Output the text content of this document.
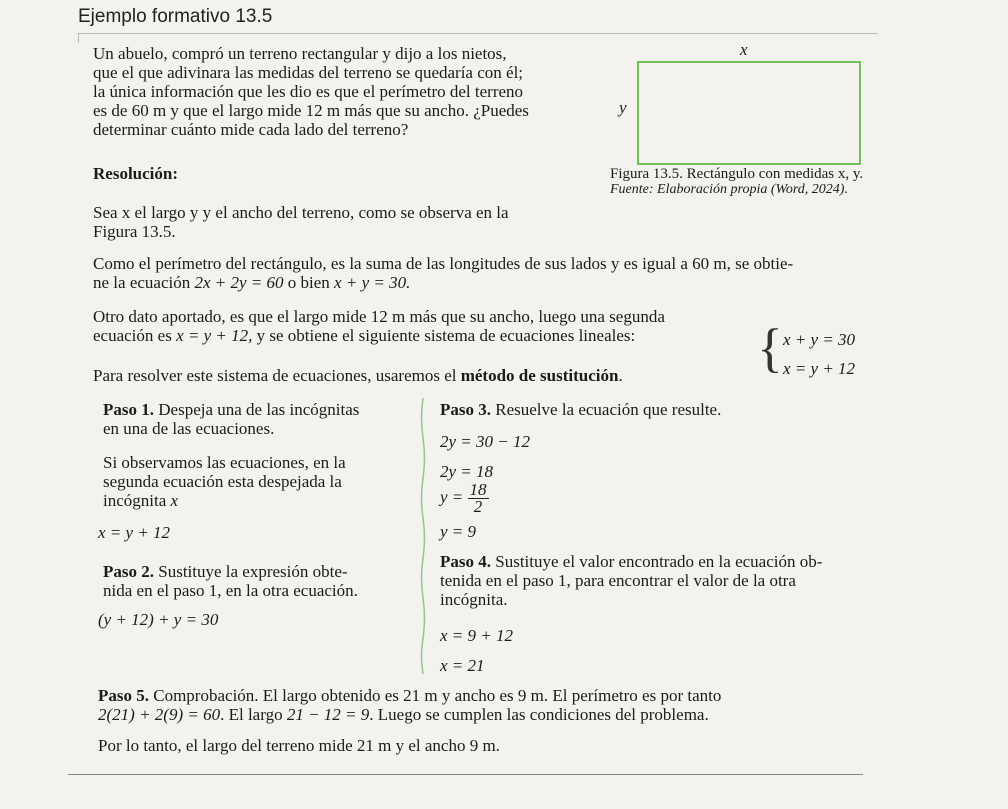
Ejemplo formativo 13.5

Un abuelo, compró un terreno rectangular y dijo a los nietos,

que el que adivinara las medidas del terreno se quedaría con él;

la única información que les dio es que el perímetro del terreno

es de 60 m y que el largo mide 12 m más que su ancho. ¿Puedes

determinar cuánto mide cada lado del terreno?

x
y
Figura 13.5. Rectángulo con medidas x, y.
Fuente: Elaboración propia (Word, 2024).
Resolución:

Sea x el largo y y el ancho del terreno, como se observa en la

Figura 13.5.

Como el perímetro del rectángulo, es la suma de las longitudes de sus lados y es igual a 60 m, se obtie-

ne la ecuación 2x + 2y = 60 o bien x + y = 30.

Otro dato aportado, es que el largo mide 12 m más que su ancho, luego una segunda

ecuación es x = y + 12, y se obtiene el siguiente sistema de ecuaciones lineales:	{ x + y = 30
x = y + 12
Para resolver este sistema de ecuaciones, usaremos el método de sustitución.

Paso 1. Despeja una de las incógnitas

en una de las ecuaciones.

Si observamos las ecuaciones, en la

segunda ecuación esta despejada la

incógnita x

x = y + 12

Paso 2. Sustituye la expresión obte-

nida en el paso 1, en la otra ecuación.

(y + 12) + y = 30
Paso 3. Resuelve la ecuación que resulte.
2y = 30 − 12
2y = 18
$y = \frac{18}{2}$
y = 9

Paso 4. Sustituye el valor encontrado en la ecuación ob-

tenida en el paso 1, para encontrar el valor de la otra

incógnita.

x = 9 + 12
x = 21

Paso 5. Comprobación. El largo obtenido es 21 m y ancho es 9 m. El perímetro es por tanto

2(21) + 2(9) = 60. El largo 21 − 12 = 9. Luego se cumplen las condiciones del problema.

Por lo tanto, el largo del terreno mide 21 m y el ancho 9 m.
